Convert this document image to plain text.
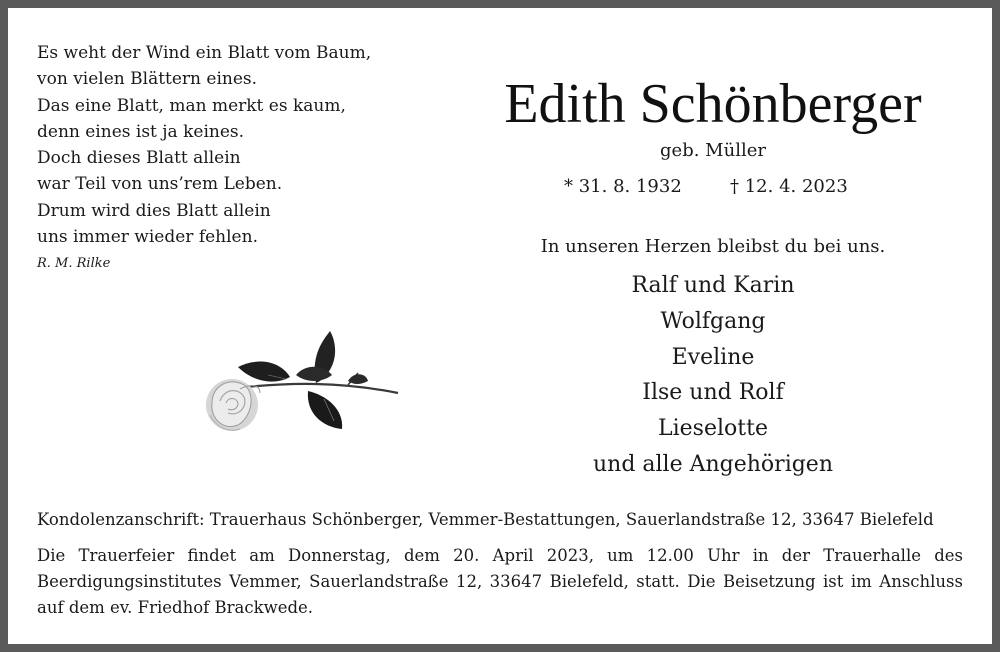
Es weht der Wind ein Blatt vom Baum,
von vielen Blättern eines.
Das eine Blatt, man merkt es kaum,
denn eines ist ja keines.
Doch dieses Blatt allein
war Teil von uns’rem Leben.
Drum wird dies Blatt allein
uns immer wieder fehlen.
R. M. Rilke
Edith Schönberger
geb. Müller
* 31. 8. 1932	† 12. 4. 2023
In unseren Herzen bleibst du bei uns.
Ralf und Karin
Wolfgang
Eveline
Ilse und Rolf
Lieselotte
und alle Angehörigen
Kondolenzanschrift: Trauerhaus Schönberger, Vemmer-Bestattungen, Sauerlandstraße 12, 33647 Bielefeld
Die Trauerfeier findet am Donnerstag, dem 20. April 2023, um 12.00 Uhr in der Trauerhalle des
Beerdigungsinstitutes Vemmer, Sauerlandstraße 12, 33647 Bielefeld, statt. Die Beisetzung ist im Anschluss
auf dem ev. Friedhof Brackwede.
